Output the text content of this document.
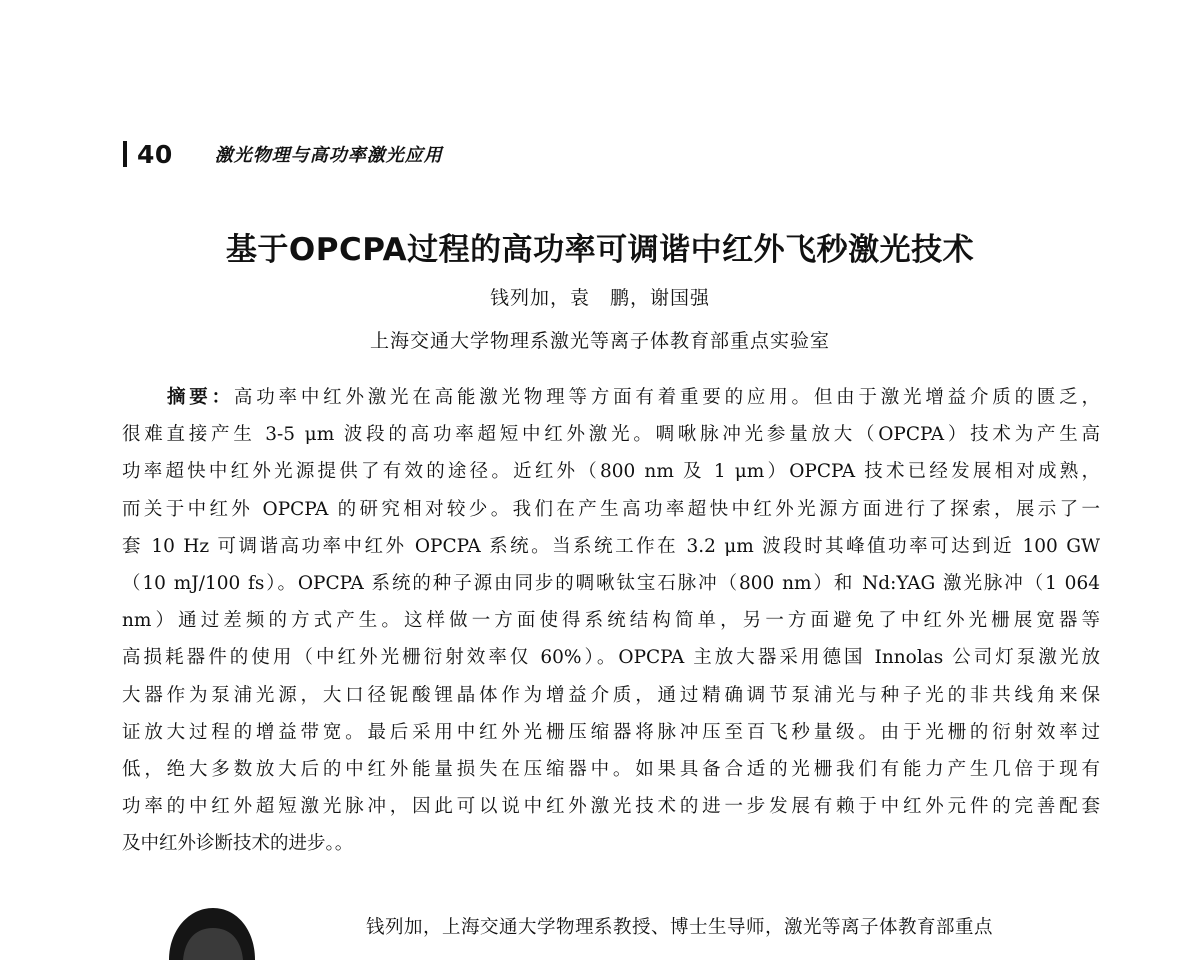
40 激光物理与高功率激光应用
基于OPCPA过程的高功率可调谐中红外飞秒激光技术
钱列加，袁　鹏，谢国强
上海交通大学物理系激光等离子体教育部重点实验室
摘要：高功率中红外激光在高能激光物理等方面有着重要的应用。但由于激光增益介质的匮乏，
很难直接产生 3-5 μm 波段的高功率超短中红外激光。啁啾脉冲光参量放大（OPCPA）技术为产生高
功率超快中红外光源提供了有效的途径。近红外（800 nm 及 1 μm）OPCPA 技术已经发展相对成熟，
而关于中红外 OPCPA 的研究相对较少。我们在产生高功率超快中红外光源方面进行了探索，展示了一
套 10 Hz 可调谐高功率中红外 OPCPA 系统。当系统工作在 3.2 μm 波段时其峰值功率可达到近 100 GW
（10 mJ/100 fs）。OPCPA 系统的种子源由同步的啁啾钛宝石脉冲（800 nm）和 Nd:YAG 激光脉冲（1 064
nm）通过差频的方式产生。这样做一方面使得系统结构简单，另一方面避免了中红外光栅展宽器等
高损耗器件的使用（中红外光栅衍射效率仅 60%）。OPCPA 主放大器采用德国 Innolas 公司灯泵激光放
大器作为泵浦光源，大口径铌酸锂晶体作为增益介质，通过精确调节泵浦光与种子光的非共线角来保
证放大过程的增益带宽。最后采用中红外光栅压缩器将脉冲压至百飞秒量级。由于光栅的衍射效率过
低，绝大多数放大后的中红外能量损失在压缩器中。如果具备合适的光栅我们有能力产生几倍于现有
功率的中红外超短激光脉冲，因此可以说中红外激光技术的进一步发展有赖于中红外元件的完善配套
及中红外诊断技术的进步。。
钱列加，上海交通大学物理系教授、博士生导师，激光等离子体教育部重点
